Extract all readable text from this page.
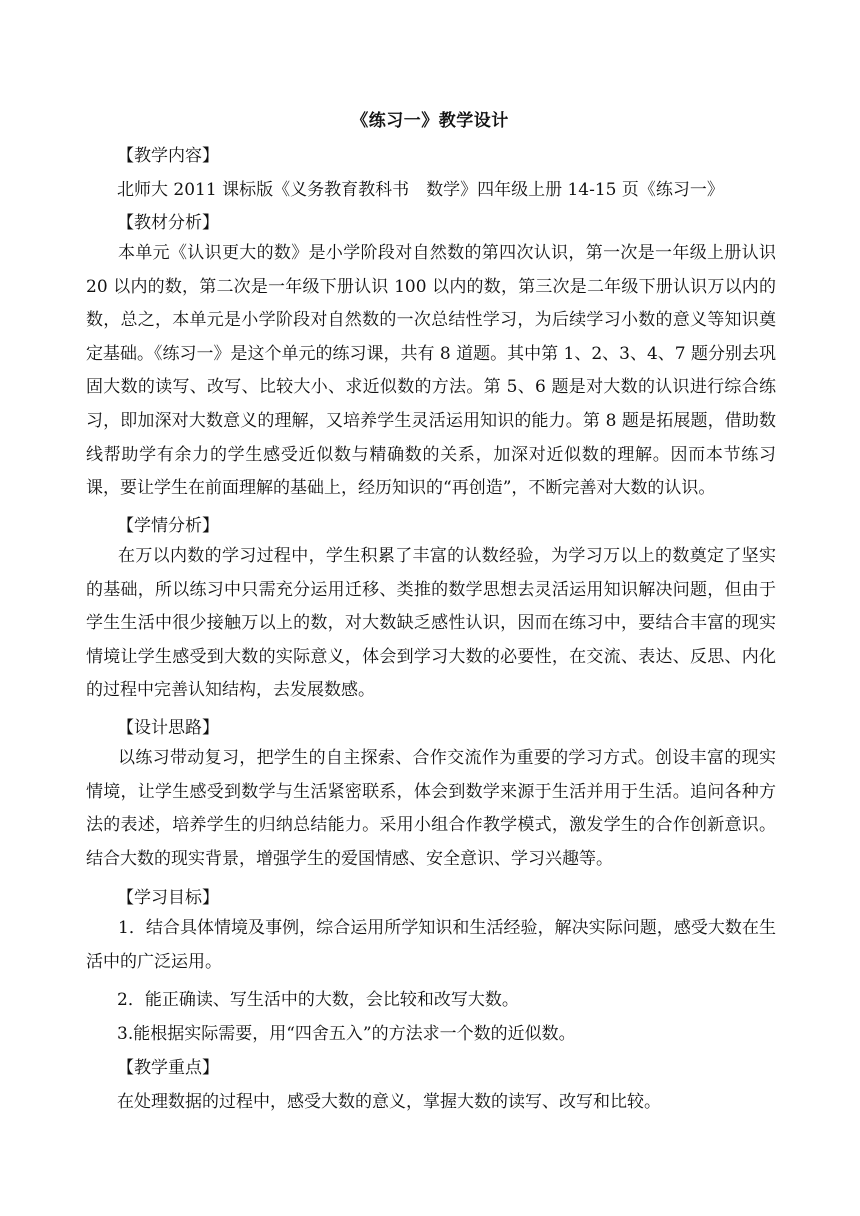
《练习一》教学设计
【教学内容】
北师大 2011 课标版《义务教育教科书　数学》四年级上册 14-15 页《练习一》
【教材分析】
本单元《认识更大的数》是小学阶段对自然数的第四次认识，第一次是一年级上册认识 20 以内的数，第二次是一年级下册认识 100 以内的数，第三次是二年级下册认识万以内的数，总之，本单元是小学阶段对自然数的一次总结性学习，为后续学习小数的意义等知识奠定基础。《练习一》是这个单元的练习课，共有 8 道题。其中第 1、2、3、4、7 题分别去巩固大数的读写、改写、比较大小、求近似数的方法。第 5、6 题是对大数的认识进行综合练习，即加深对大数意义的理解，又培养学生灵活运用知识的能力。第 8 题是拓展题，借助数线帮助学有余力的学生感受近似数与精确数的关系，加深对近似数的理解。因而本节练习课，要让学生在前面理解的基础上，经历知识的“再创造”，不断完善对大数的认识。
【学情分析】
在万以内数的学习过程中，学生积累了丰富的认数经验，为学习万以上的数奠定了坚实的基础，所以练习中只需充分运用迁移、类推的数学思想去灵活运用知识解决问题，但由于学生生活中很少接触万以上的数，对大数缺乏感性认识，因而在练习中，要结合丰富的现实情境让学生感受到大数的实际意义，体会到学习大数的必要性，在交流、表达、反思、内化的过程中完善认知结构，去发展数感。
【设计思路】
以练习带动复习，把学生的自主探索、合作交流作为重要的学习方式。创设丰富的现实情境，让学生感受到数学与生活紧密联系，体会到数学来源于生活并用于生活。追问各种方法的表述，培养学生的归纳总结能力。采用小组合作教学模式，激发学生的合作创新意识。结合大数的现实背景，增强学生的爱国情感、安全意识、学习兴趣等。
【学习目标】
1．结合具体情境及事例，综合运用所学知识和生活经验，解决实际问题，感受大数在生活中的广泛运用。
2．能正确读、写生活中的大数，会比较和改写大数。
3.能根据实际需要，用“四舍五入”的方法求一个数的近似数。
【教学重点】
在处理数据的过程中，感受大数的意义，掌握大数的读写、改写和比较。
